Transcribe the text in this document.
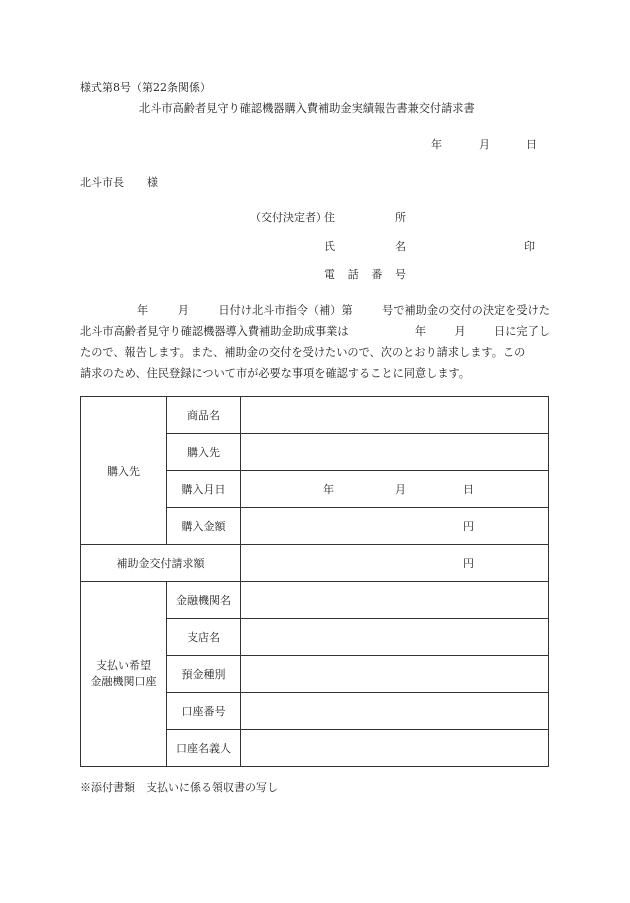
様式第8号（第22条関係）
北斗市高齢者見守り確認機器購入費補助金実績報告書兼交付請求書
年	月	日
北斗市長 様
（交付決定者）
住	所
氏	名	印
電 話 番 号
年	月	日付け北斗市指令（補）第	号で補助金の交付の決定を受けた
北斗市高齢者見守り確認機器導入費補助金助成事業は	年	月	日に完了し
たので、報告します。また、補助金の交付を受けたいので、次のとおり請求します。この
請求のため、住民登録について市が必要な事項を確認することに同意します。
購入先	商品名	
	購入先	
	購入月日	年 月 日

	購入金額	円

補助金交付請求額		円

支払い希望
金融機関口座	金融機関名	
	支店名	
	預金種別	
	口座番号	
	口座名義人	
※添付書類　支払いに係る領収書の写し
